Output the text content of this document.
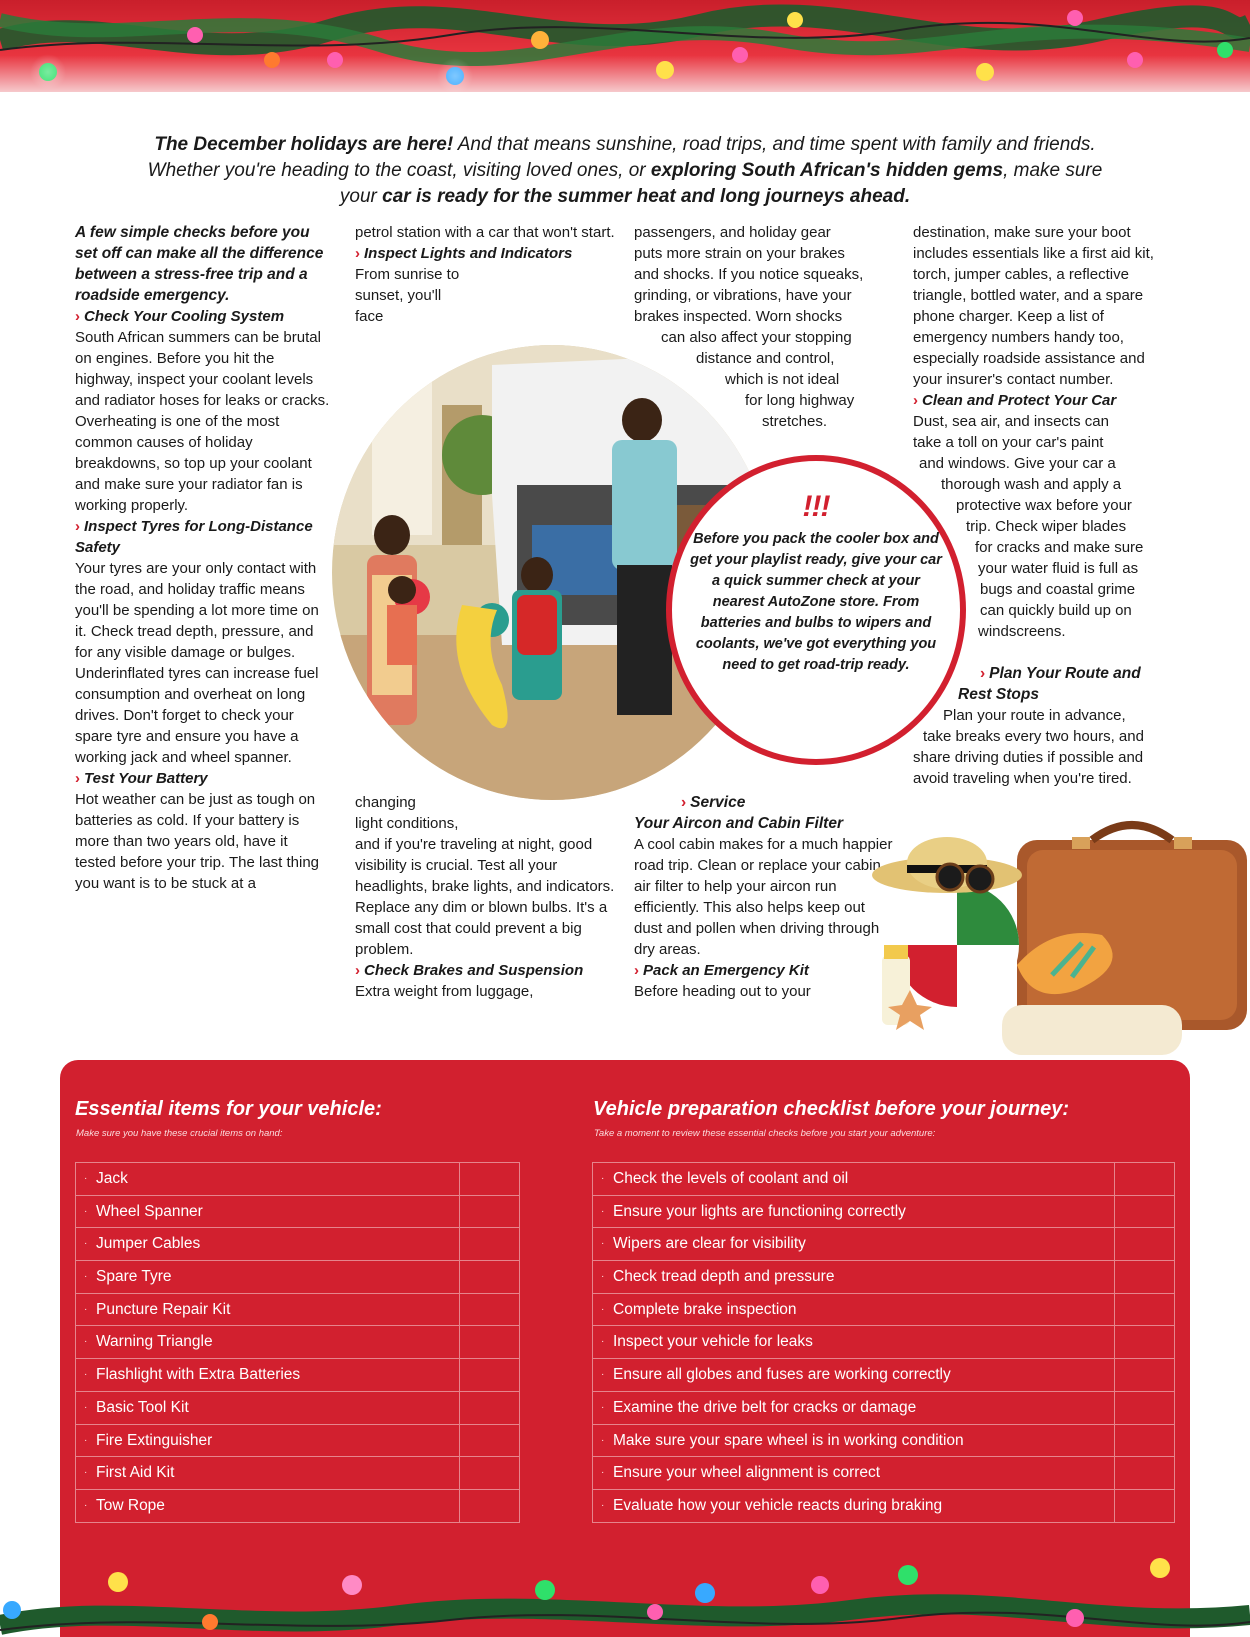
The December holidays are here! And that means sunshine, road trips, and time spent with family and friends. Whether you're heading to the coast, visiting loved ones, or exploring South African's hidden gems, make sure your car is ready for the summer heat and long journeys ahead.

A few simple checks before you set off can make all the difference between a stress-free trip and a roadside emergency.

› Check Your Cooling System

South African summers can be brutal on engines. Before you hit the highway, inspect your coolant levels and radiator hoses for leaks or cracks. Overheating is one of the most common causes of holiday breakdowns, so top up your coolant and make sure your radiator fan is working properly.

› Inspect Tyres for Long-Distance Safety

Your tyres are your only contact with the road, and holiday traffic means you'll be spending a lot more time on it. Check tread depth, pressure, and for any visible damage or bulges. Underinflated tyres can increase fuel consumption and overheat on long drives. Don't forget to check your spare tyre and ensure you have a working jack and wheel spanner.

› Test Your Battery

Hot weather can be just as tough on batteries as cold. If your battery is more than two years old, have it tested before your trip. The last thing you want is to be stuck at a

petrol station with a car that won't start.

› Inspect Lights and Indicators

From sunrise to
sunset, you'll
face
changing
light conditions,

and if you're traveling at night, good visibility is crucial. Test all your headlights, brake lights, and indicators. Replace any dim or blown bulbs. It's a small cost that could prevent a big problem.

› Check Brakes and Suspension

Extra weight from luggage,

passengers, and holiday gear
puts more strain on your brakes
and shocks. If you notice squeaks,
grinding, or vibrations, have your
brakes inspected. Worn shocks
can also affect your stopping
distance and control,
which is not ideal
for long highway
stretches.

› Service

Your Aircon and Cabin Filter

A cool cabin makes for a much happier road trip. Clean or replace your cabin air filter to help your aircon run efficiently. This also helps keep out dust and pollen when driving through dry areas.

› Pack an Emergency Kit

Before heading out to your

destination, make sure your boot includes essentials like a first aid kit, torch, jumper cables, a reflective triangle, bottled water, and a spare phone charger. Keep a list of emergency numbers handy too, especially roadside assistance and your insurer's contact number.

› Clean and Protect Your Car

Dust, sea air, and insects can
take a toll on your car's paint
and windows. Give your car a
thorough wash and apply a
protective wax before your
trip. Check wiper blades
for cracks and make sure
your water fluid is full as
bugs and coastal grime
can quickly build up on
windscreens.

› Plan Your Route and

Rest Stops

Plan your route in advance,
take breaks every two hours, and
share driving duties if possible and
avoid traveling when you're tired.
!!!
Before you pack the cooler box and get your playlist ready, give your car a quick summer check at your nearest AutoZone store. From batteries and bulbs to wipers and coolants, we've got everything you need to get road-trip ready.
Essential items for your vehicle:
Make sure you have these crucial items on hand:
· Jack
· Wheel Spanner
· Jumper Cables
· Spare Tyre
· Puncture Repair Kit
· Warning Triangle
· Flashlight with Extra Batteries
· Basic Tool Kit
· Fire Extinguisher
· First Aid Kit
· Tow Rope
Vehicle preparation checklist before your journey:
Take a moment to review these essential checks before you start your adventure:
· Check the levels of coolant and oil
· Ensure your lights are functioning correctly
· Wipers are clear for visibility
· Check tread depth and pressure
· Complete brake inspection
· Inspect your vehicle for leaks
· Ensure all globes and fuses are working correctly
· Examine the drive belt for cracks or damage
· Make sure your spare wheel is in working condition
· Ensure your wheel alignment is correct
· Evaluate how your vehicle reacts during braking
